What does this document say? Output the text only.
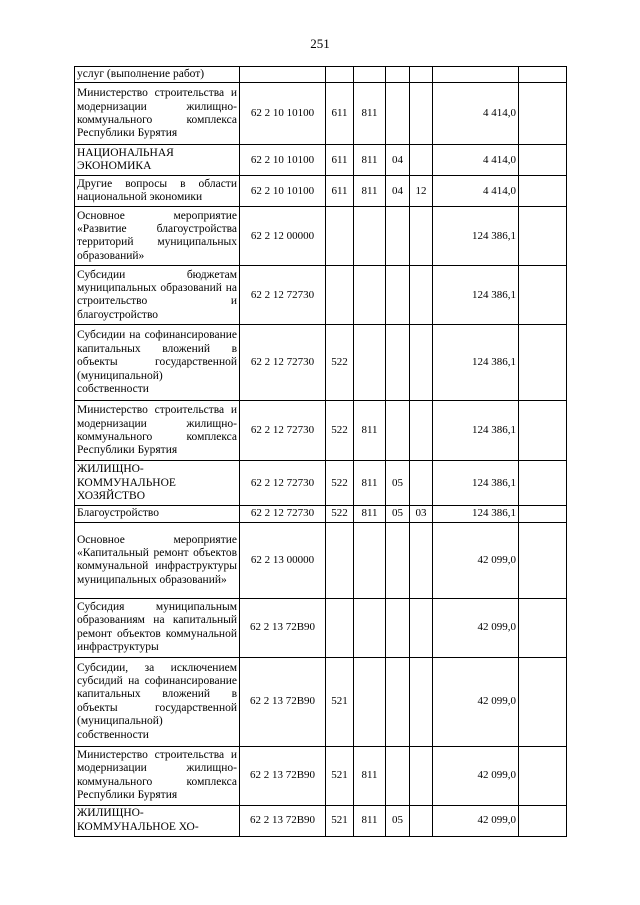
251
услуг (выполнение работ)							
Министерство строительства и модернизации жилищно-коммунального комплекса Республики Бурятия	62 2 10 10100	611	811			4 414,0	
НАЦИОНАЛЬНАЯ ЭКОНОМИКА	62 2 10 10100	611	811	04		4 414,0	
Другие вопросы в области национальной экономики	62 2 10 10100	611	811	04	12	4 414,0	
Основное мероприятие «Развитие благоустройства территорий муниципальных образований»	62 2 12 00000					124 386,1	
Субсидии бюджетам муниципальных образований на строительство и благоустройство	62 2 12 72730					124 386,1	
Субсидии на софинансирование капитальных вложений в объекты государственной (муниципальной) собственности	62 2 12 72730	522				124 386,1	
Министерство строительства и модернизации жилищно-коммунального комплекса Республики Бурятия	62 2 12 72730	522	811			124 386,1	
ЖИЛИЩНО-КОММУНАЛЬНОЕ ХОЗЯЙСТВО	62 2 12 72730	522	811	05		124 386,1	
Благоустройство	62 2 12 72730	522	811	05	03	124 386,1	
Основное мероприятие «Капитальный ремонт объектов коммунальной инфраструктуры муниципальных образований»	62 2 13 00000					42 099,0	
Субсидия муниципальным образованиям на капитальный ремонт объектов коммунальной инфраструктуры	62 2 13 72В90					42 099,0	
Субсидии, за исключением субсидий на софинансирование капитальных вложений в объекты государственной (муниципальной) собственности	62 2 13 72В90	521				42 099,0	
Министерство строительства и модернизации жилищно-коммунального комплекса Республики Бурятия	62 2 13 72В90	521	811			42 099,0	
ЖИЛИЩНО-КОММУНАЛЬНОЕ ХО-	62 2 13 72В90	521	811	05		42 099,0	
